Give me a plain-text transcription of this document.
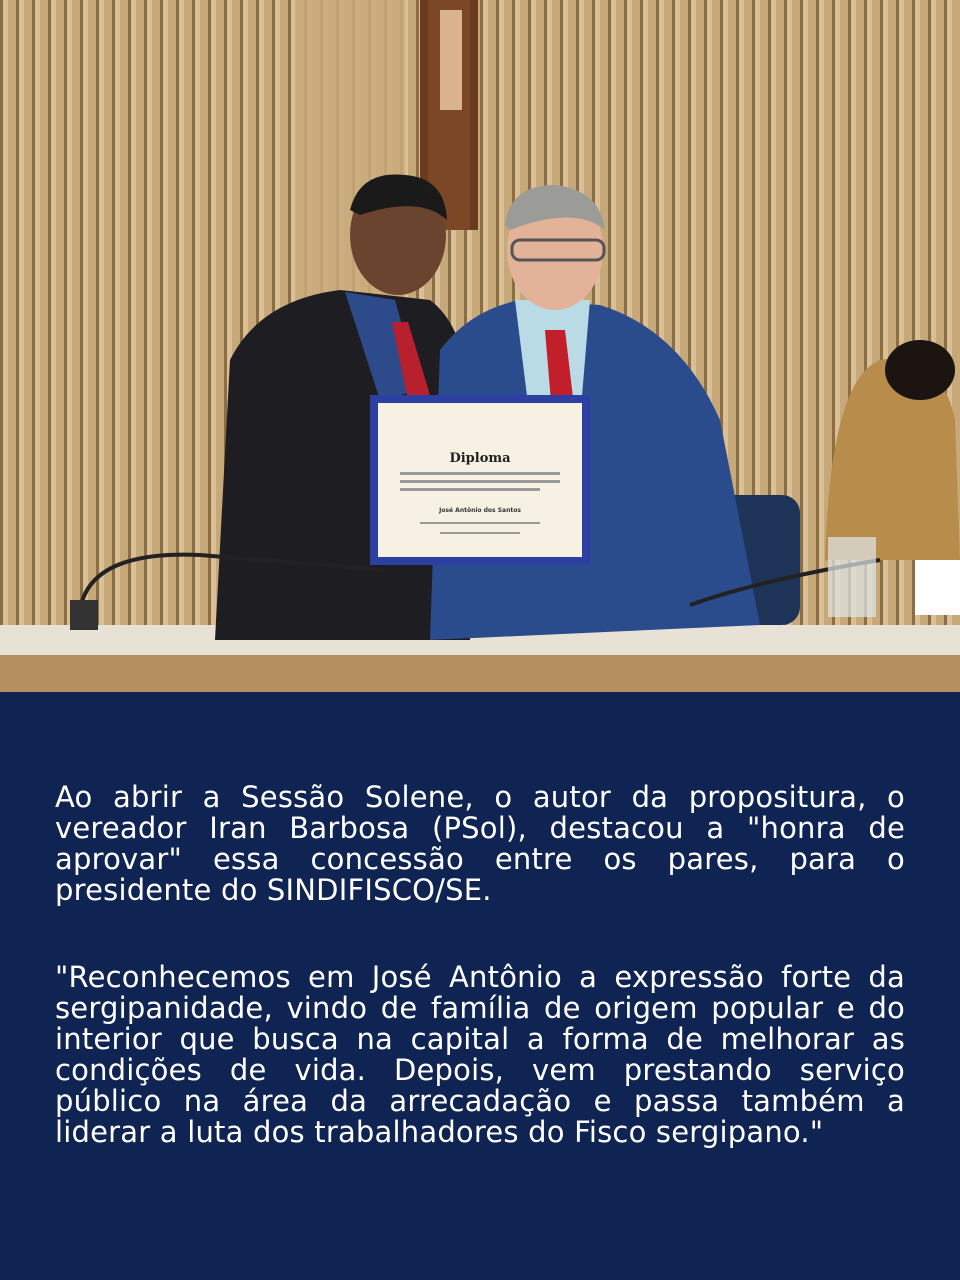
Diploma
José Antônio dos Santos

Ao abrir a Sessão Solene, o autor da propositura, o vereador Iran Barbosa (PSol), destacou a "honra de aprovar" essa concessão entre os pares, para o presidente do SINDIFISCO/SE.

"Reconhecemos em José Antônio a expressão forte da sergipanidade, vindo de família de origem popular e do interior que busca na capital a forma de melhorar as condições de vida. Depois, vem prestando serviço público na área da arrecadação e passa também a liderar a luta dos trabalhadores do Fisco sergipano."
